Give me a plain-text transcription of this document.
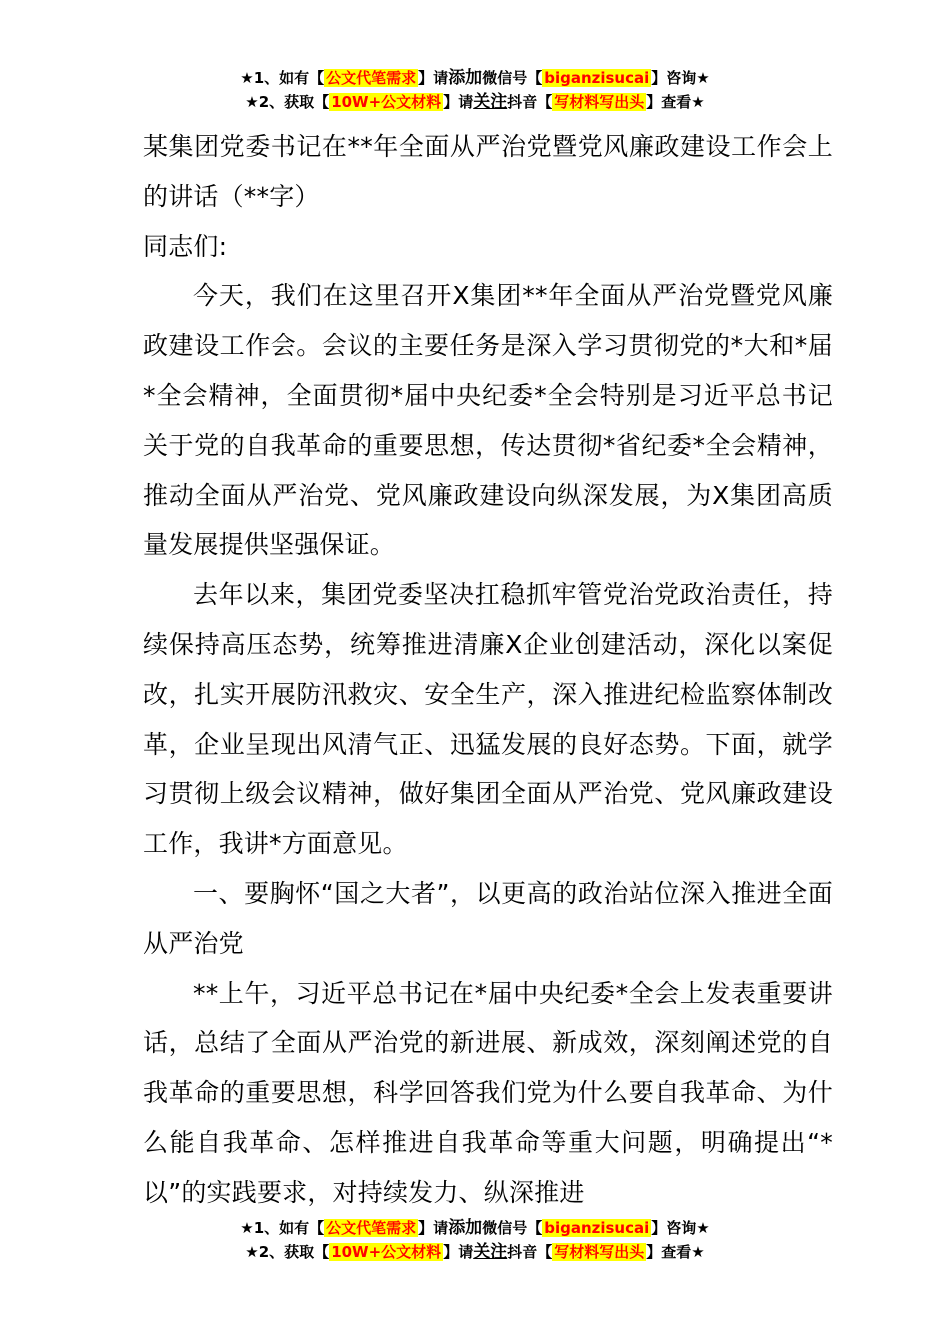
★1、如有【 公文代笔需求 】请添加微信号【 biganzisucai 】咨询★
★2、获取【 10W+公文材料 】请关注抖音【 写材料写出头 】查看★

某集团党委书记在**年全面从严治党暨党风廉政建设工作会上的讲话（**字）

同志们:

今天，我们在这里召开X集团**年全面从严治党暨党风廉政建设工作会。会议的主要任务是深入学习贯彻党的*大和*届*全会精神，全面贯彻*届中央纪委*全会特别是习近平总书记关于党的自我革命的重要思想，传达贯彻*省纪委*全会精神，推动全面从严治党、党风廉政建设向纵深发展，为X集团高质量发展提供坚强保证。

去年以来，集团党委坚决扛稳抓牢管党治党政治责任，持续保持高压态势，统筹推进清廉X企业创建活动，深化以案促改，扎实开展防汛救灾、安全生产，深入推进纪检监察体制改革，企业呈现出风清气正、迅猛发展的良好态势。下面，就学习贯彻上级会议精神，做好集团全面从严治党、党风廉政建设工作，我讲*方面意见。

一、要胸怀“国之大者”，以更高的政治站位深入推进全面从严治党

**上午，习近平总书记在*届中央纪委*全会上发表重要讲话，总结了全面从严治党的新进展、新成效，深刻阐述党的自我革命的重要思想，科学回答我们党为什么要自我革命、为什么能自我革命、怎样推进自我革命等重大问题，明确提出“*以”的实践要求，对持续发力、纵深推进

★1、如有【 公文代笔需求 】请添加微信号【 biganzisucai 】咨询★
★2、获取【 10W+公文材料 】请关注抖音【 写材料写出头 】查看★
